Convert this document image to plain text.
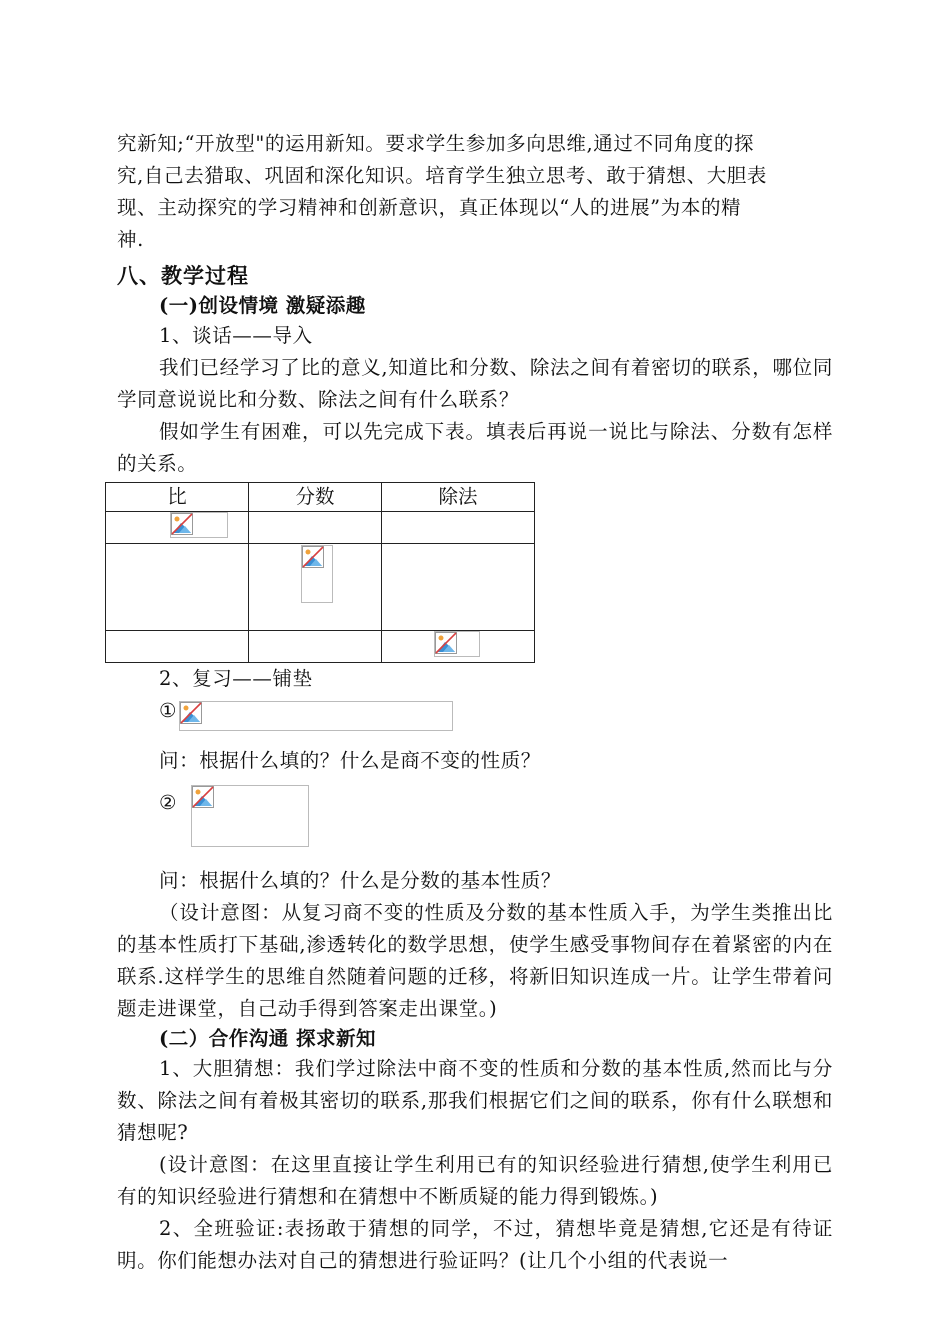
究新知;“开放型"的运用新知。要求学生参加多向思维,通过不同角度的探

究,自己去猎取、巩固和深化知识。培育学生独立思考、敢于猜想、大胆表

现、主动探究的学习精神和创新意识，真正体现以“人的进展”为本的精

神.

八、教学过程
(一)创设情境 激疑添趣

1、谈话——导入

我们已经学习了比的意义,知道比和分数、除法之间有着密切的联系，哪位同学同意说说比和分数、除法之间有什么联系？

假如学生有困难，可以先完成下表。填表后再说一说比与除法、分数有怎样的关系。

比	分数	除法

2、复习——铺垫

①

问：根据什么填的？什么是商不变的性质？

②

问：根据什么填的？什么是分数的基本性质？

（设计意图：从复习商不变的性质及分数的基本性质入手，为学生类推出比的基本性质打下基础,渗透转化的数学思想，使学生感受事物间存在着紧密的内在联系.这样学生的思维自然随着问题的迁移，将新旧知识连成一片。让学生带着问题走进课堂，自己动手得到答案走出课堂。)

(二）合作沟通 探求新知

1、大胆猜想：我们学过除法中商不变的性质和分数的基本性质,然而比与分数、除法之间有着极其密切的联系,那我们根据它们之间的联系，你有什么联想和猜想呢?

(设计意图：在这里直接让学生利用已有的知识经验进行猜想,使学生利用已有的知识经验进行猜想和在猜想中不断质疑的能力得到锻炼。)

2、全班验证:表扬敢于猜想的同学，不过，猜想毕竟是猜想,它还是有待证明。你们能想办法对自己的猜想进行验证吗？(让几个小组的代表说一
